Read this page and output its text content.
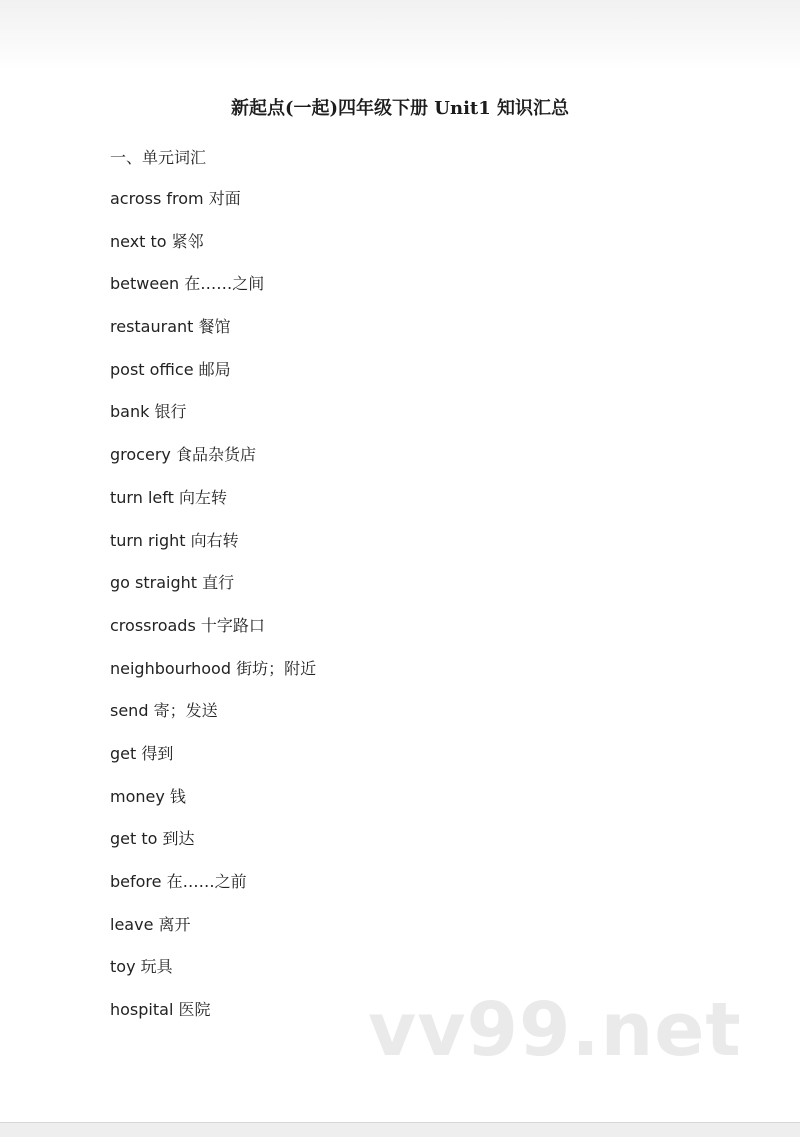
新起点(一起)四年级下册 Unit1 知识汇总
一、单元词汇
across from 对面
next to 紧邻
between 在……之间
restaurant 餐馆
post office 邮局
bank 银行
grocery 食品杂货店
turn left 向左转
turn right 向右转
go straight 直行
crossroads 十字路口
neighbourhood 街坊；附近
send 寄；发送
get 得到
money 钱
get to 到达
before 在……之前
leave 离开
toy 玩具
hospital 医院	vv99.net
